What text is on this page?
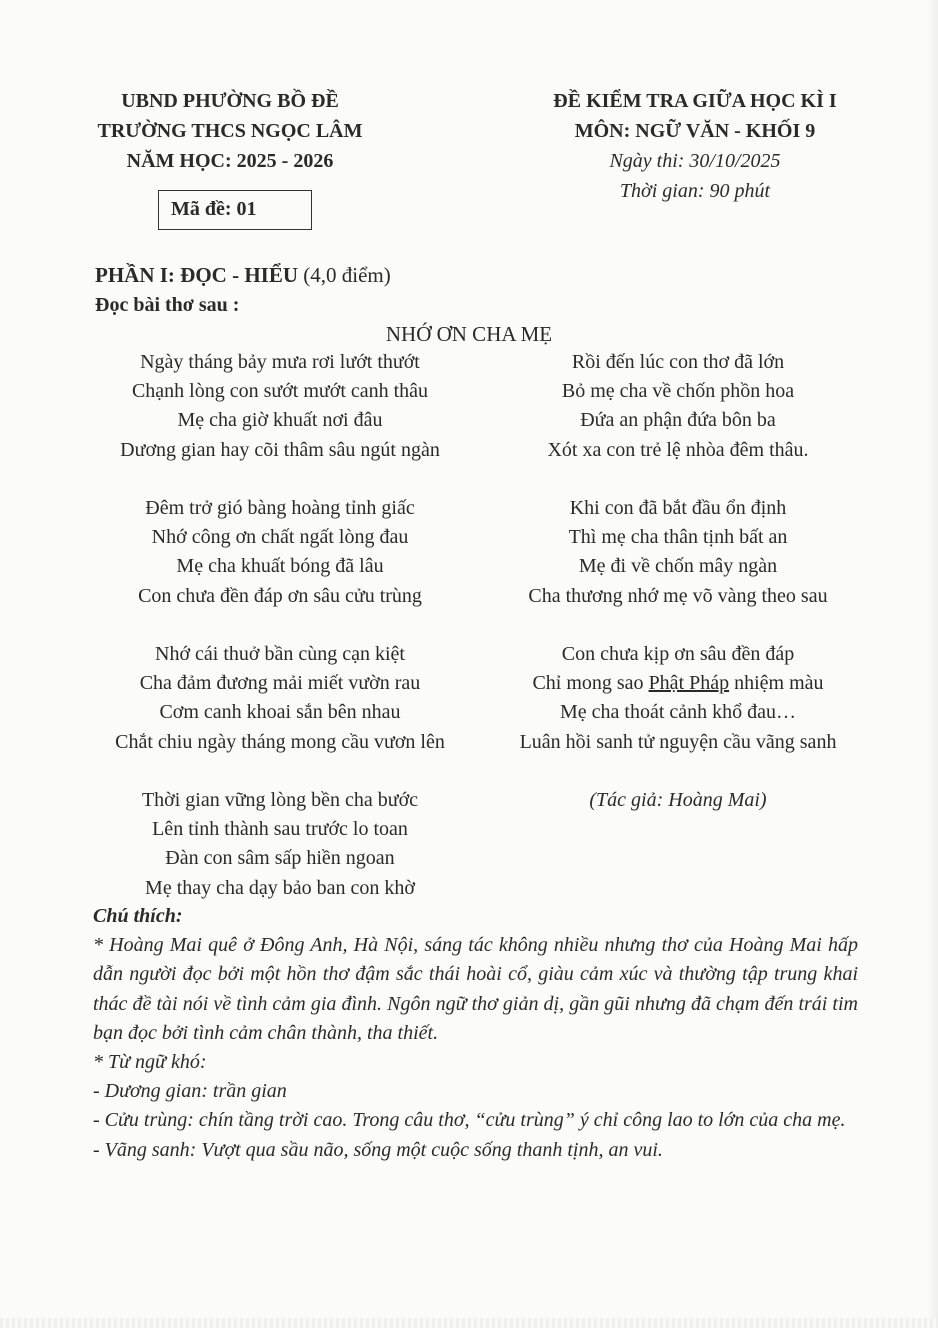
UBND PHƯỜNG BỒ ĐỀ
TRƯỜNG THCS NGỌC LÂM
NĂM HỌC: 2025 - 2026
Mã đề: 01
ĐỀ KIỂM TRA GIỮA HỌC KÌ I
MÔN: NGỮ VĂN - KHỐI 9
Ngày thi: 30/10/2025
Thời gian: 90 phút
PHẦN I: ĐỌC - HIỂU (4,0 điểm)
Đọc bài thơ sau :
NHỚ ƠN CHA MẸ
Ngày tháng bảy mưa rơi lướt thướt
Chạnh lòng con sướt mướt canh thâu
Mẹ cha giờ khuất nơi đâu
Dương gian hay cõi thâm sâu ngút ngàn
Đêm trở gió bàng hoàng tỉnh giấc
Nhớ công ơn chất ngất lòng đau
Mẹ cha khuất bóng đã lâu
Con chưa đền đáp ơn sâu cửu trùng
Nhớ cái thuở bần cùng cạn kiệt
Cha đảm đương mải miết vườn rau
Cơm canh khoai sắn bên nhau
Chắt chiu ngày tháng mong cầu vươn lên
Thời gian vững lòng bền cha bước
Lên tỉnh thành sau trước lo toan
Đàn con sâm sấp hiền ngoan
Mẹ thay cha dạy bảo ban con khờ
Rồi đến lúc con thơ đã lớn
Bỏ mẹ cha về chốn phồn hoa
Đứa an phận đứa bôn ba
Xót xa con trẻ lệ nhòa đêm thâu.
Khi con đã bắt đầu ổn định
Thì mẹ cha thân tịnh bất an
Mẹ đi về chốn mây ngàn
Cha thương nhớ mẹ võ vàng theo sau
Con chưa kịp ơn sâu đền đáp
Chỉ mong sao Phật Pháp nhiệm màu
Mẹ cha thoát cảnh khổ đau…
Luân hồi sanh tử nguyện cầu vãng sanh
(Tác giả: Hoàng Mai)

Chú thích:

* Hoàng Mai quê ở Đông Anh, Hà Nội, sáng tác không nhiều nhưng thơ của Hoàng Mai hấp dẫn người đọc bởi một hồn thơ đậm sắc thái hoài cổ, giàu cảm xúc và thường tập trung khai thác đề tài nói về tình cảm gia đình. Ngôn ngữ thơ giản dị, gần gũi nhưng đã chạm đến trái tim bạn đọc bởi tình cảm chân thành, tha thiết.

* Từ ngữ khó:

- Dương gian: trần gian

- Cửu trùng: chín tầng trời cao. Trong câu thơ, “cửu trùng” ý chỉ công lao to lớn của cha mẹ.

- Vãng sanh: Vượt qua sầu não, sống một cuộc sống thanh tịnh, an vui.
